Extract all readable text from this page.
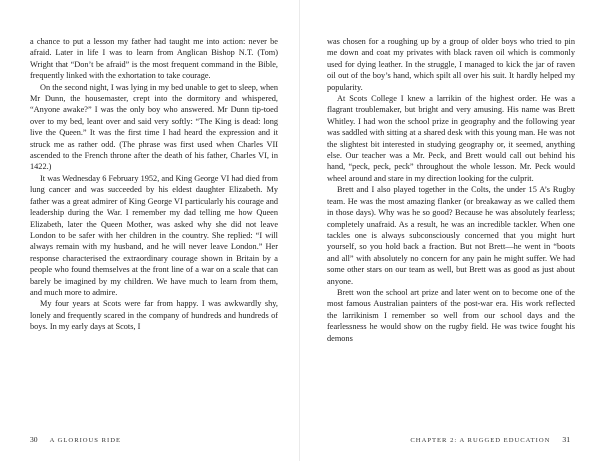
a chance to put a lesson my father had taught me into action: never be afraid. Later in life I was to learn from Anglican Bishop N.T. (Tom) Wright that “Don’t be afraid” is the most frequent command in the Bible, frequently linked with the exhortation to take courage.

On the second night, I was lying in my bed unable to get to sleep, when Mr Dunn, the housemaster, crept into the dormitory and whispered, “Anyone awake?” I was the only boy who answered. Mr Dunn tip-toed over to my bed, leant over and said very softly: “The King is dead: long live the Queen.” It was the first time I had heard the expression and it struck me as rather odd. (The phrase was first used when Charles VII ascended to the French throne after the death of his father, Charles VI, in 1422.)

It was Wednesday 6 February 1952, and King George VI had died from lung cancer and was succeeded by his eldest daughter Elizabeth. My father was a great admirer of King George VI particularly his courage and leadership during the War. I remember my dad telling me how Queen Elizabeth, later the Queen Mother, was asked why she did not leave London to be safer with her children in the country. She replied: “I will always remain with my husband, and he will never leave London.” Her response characterised the extraordinary courage shown in Britain by a people who found themselves at the front line of a war on a scale that can barely be imagined by my children. We have much to learn from them, and much more to admire.

My four years at Scots were far from happy. I was awkwardly shy, lonely and frequently scared in the company of hundreds and hundreds of boys. In my early days at Scots, I

was chosen for a roughing up by a group of older boys who tried to pin me down and coat my privates with black raven oil which is commonly used for dying leather. In the struggle, I managed to kick the jar of raven oil out of the boy’s hand, which spilt all over his suit. It hardly helped my popularity.

At Scots College I knew a larrikin of the highest order. He was a flagrant troublemaker, but bright and very amusing. His name was Brett Whitley. I had won the school prize in geography and the following year was saddled with sitting at a shared desk with this young man. He was not the slightest bit interested in studying geography or, it seemed, anything else. Our teacher was a Mr. Peck, and Brett would call out behind his hand, “peck, peck, peck” throughout the whole lesson. Mr. Peck would wheel around and stare in my direction looking for the culprit.

Brett and I also played together in the Colts, the under 15 A’s Rugby team. He was the most amazing flanker (or breakaway as we called them in those days). Why was he so good? Because he was absolutely fearless; completely unafraid. As a result, he was an incredible tackler. When one tackles one is always subconsciously concerned that you might hurt yourself, so you hold back a fraction. But not Brett—he went in “boots and all” with absolutely no concern for any pain he might suffer. We had some other stars on our team as well, but Brett was as good as just about anyone.

Brett won the school art prize and later went on to become one of the most famous Australian painters of the post-war era. His work reflected the larrikinism I remember so well from our school days and the fearlessness he would show on the rugby field. He was twice fought his demons

30 A GLORIOUS RIDE	CHAPTER 2: A RUGGED EDUCATION 31
